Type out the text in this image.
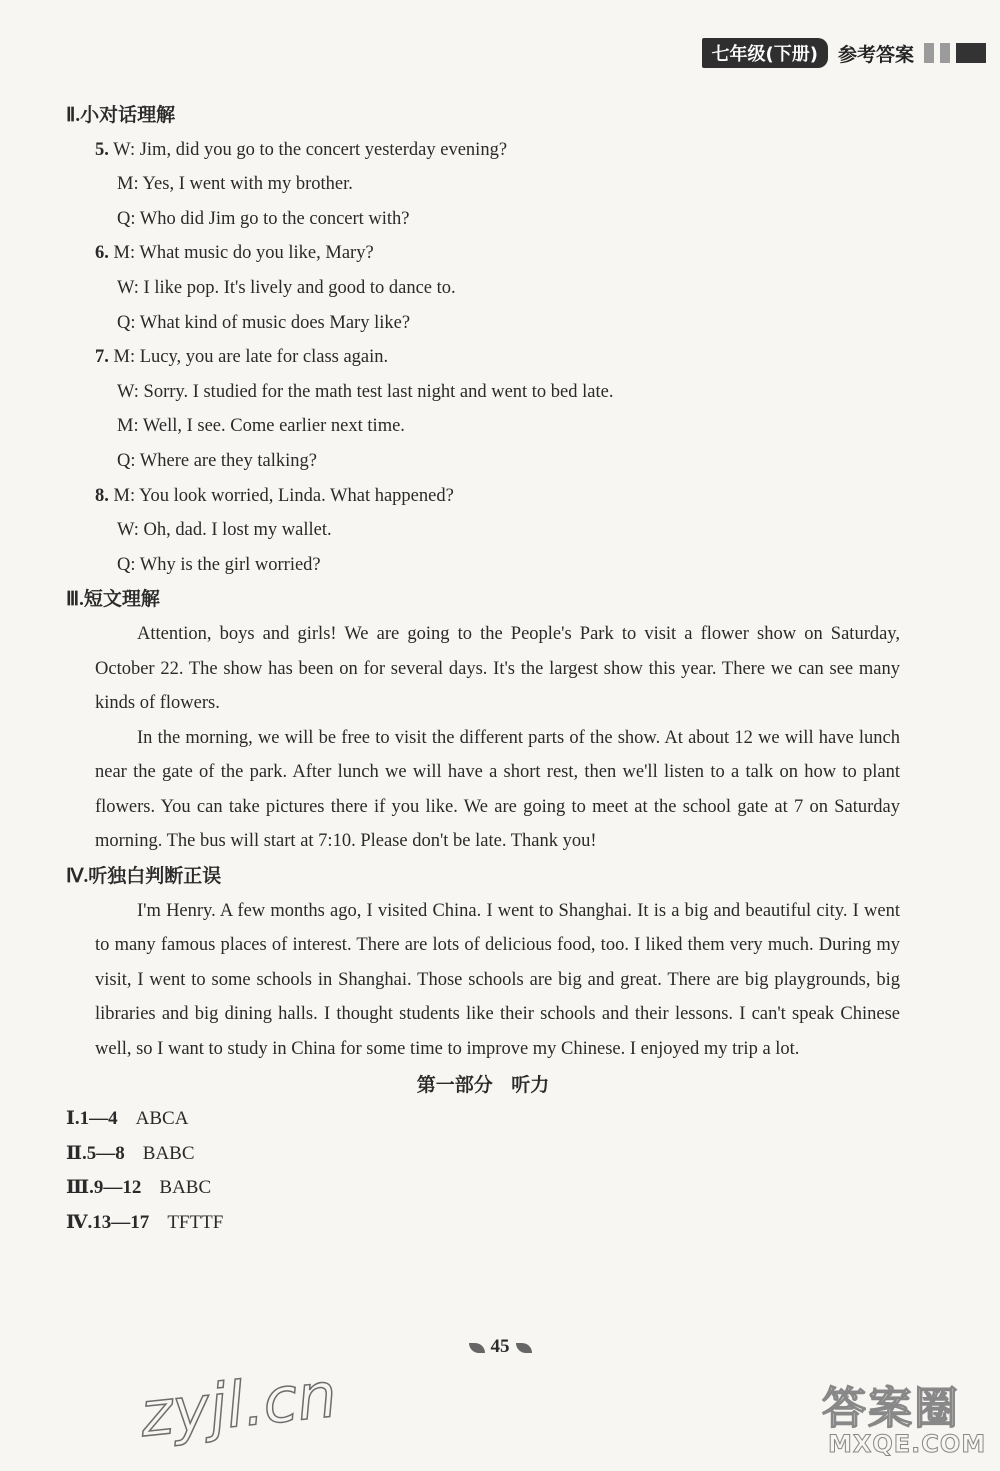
七年级(下册)	参考答案
Ⅱ.小对话理解
5. W: Jim, did you go to the concert yesterday evening?
M: Yes, I went with my brother.
Q: Who did Jim go to the concert with?
6. M: What music do you like, Mary?
W: I like pop. It's lively and good to dance to.
Q: What kind of music does Mary like?
7. M: Lucy, you are late for class again.
W: Sorry. I studied for the math test last night and went to bed late.
M: Well, I see. Come earlier next time.
Q: Where are they talking?
8. M: You look worried, Linda. What happened?
W: Oh, dad. I lost my wallet.
Q: Why is the girl worried?
Ⅲ.短文理解
Attention, boys and girls! We are going to the People's Park to visit a flower show on Saturday, October 22. The show has been on for several days. It's the largest show this year. There we can see many kinds of flowers.
In the morning, we will be free to visit the different parts of the show. At about 12 we will have lunch near the gate of the park. After lunch we will have a short rest, then we'll listen to a talk on how to plant flowers. You can take pictures there if you like. We are going to meet at the school gate at 7 on Saturday morning. The bus will start at 7:10. Please don't be late. Thank you!
Ⅳ.听独白判断正误
I'm Henry. A few months ago, I visited China. I went to Shanghai. It is a big and beautiful city. I went to many famous places of interest. There are lots of delicious food, too. I liked them very much. During my visit, I went to some schools in Shanghai. Those schools are big and great. There are big playgrounds, big libraries and big dining halls. I thought students like their schools and their lessons. I can't speak Chinese well, so I want to study in China for some time to improve my Chinese. I enjoyed my trip a lot.
第一部分 听力
Ⅰ.1—4 ABCA
Ⅱ.5—8 BABC
Ⅲ.9—12 BABC
Ⅳ.13—17 TFTTF
45
zyjl.cn	答案圈
MXQE.COM
